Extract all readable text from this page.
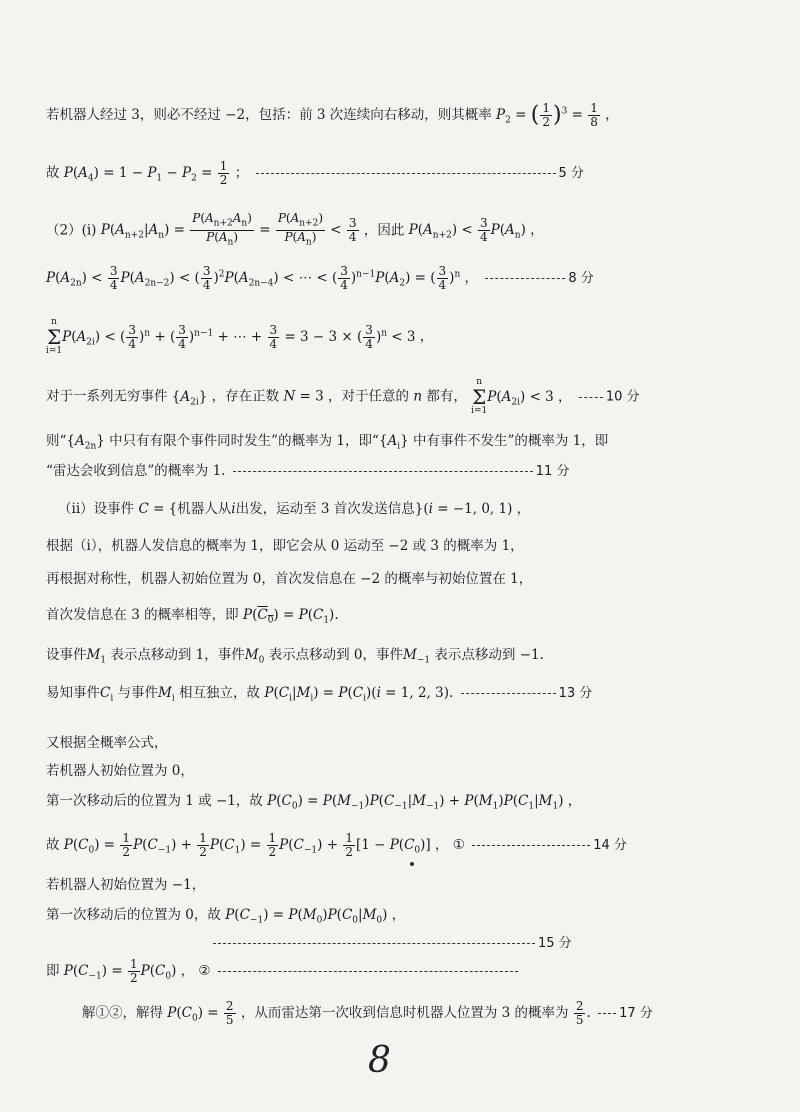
若机器人经过 3，则必不经过 −2，包括：前 3 次连续向右移动，则其概率 $P_2$ = ( $\frac{1}{2} )^3 = \frac{1}{8}$ ，
故 $P(A_4) = 1 - P_1 - P_2 = \frac{1}{2}$ ；	5 分
（2）(i) $P(A_{n+2}|A_n) = \frac{P(A_{n+2}A_n)}{P(A_n)} = \frac{P(A_{n+2})}{P(A_n)} < \frac{3}{4}$ ，因此 $P(A_{n+2}) < \frac{3}{4} P(A_n)$ ，
$P(A_{2n}) < \frac{3}{4} P(A_{2n-2})$ < ( $\frac{3}{4} )^2P(A_{2n-4})$ < ⋯ < ( $\frac{3}{4} )^{n-1}P(A_2)$ = ( $\frac{3}{4} )^n$ ，	8 分
n
Σ
$i=1P(A_{2i})$ < ( $\frac{3}{4} )^n$ + ( $\frac{3}{4} )^{n-1}$ + ⋯ + $\frac{3}{4} = 3 - 3$ × ( $\frac{3}{4} )^n < 3$ ，
对于一系列无穷事件 $\{A_{2i}\}$ ，存在正数 N = 3 ，对于任意的 n 都有， n
Σ
$i=1P(A_{2i}) < 3$ ，	10 分
则“$\{A_{2n}\}$ 中只有有限个事件同时发生”的概率为 1，即“$\{A_i\}$ 中有事件不发生”的概率为 1，即
“雷达会收到信息”的概率为 1.	11 分
（ii）设事件 C = {机器人从i出发，运动至 3 首次发送信息}(i = −1, 0, 1) ，
根据（i），机器人发信息的概率为 1，即它会从 0 运动至 −2 或 3 的概率为 1，
再根据对称性，机器人初始位置为 0，首次发信息在 −2 的概率与初始位置在 1，
首次发信息在 3 的概率相等，即 $P(C_0) = P(C_1)$.
设事件$M_1$ 表示点移动到 1，事件$M_0$ 表示点移动到 0，事件$M_{-1}$ 表示点移动到 −1.
易知事件$C_i$ 与事件$M_i$ 相互独立，故 $P(C_i|M_i) = P(C_i)(i = 1$, 2, 3).	13 分
又根据全概率公式，
若机器人初始位置为 0，
第一次移动后的位置为 1 或 −1，故 $P(C_0) = P(M_{-1})P(C_{-1}|M_{-1}) + P(M_1)P(C_1|M_1)$ ，
故 $P(C_0) = \frac{1}{2} P(C_{-1}) + \frac{1}{2} P(C_1) = \frac{1}{2} P(C_{-1}) + \frac{1}{2} [1 - P(C_0)]$ ， ①	14 分
若机器人初始位置为 −1，
第一次移动后的位置为 0，故 $P(C_{-1}) = P(M_0)P(C_0|M_0)$ ，
15 分
即 $P(C_{-1}) = \frac{1}{2} P(C_0)$ ， ②
解①②，解得 $P(C_0) = \frac{2}{5}$ ，从而雷达第一次收到信息时机器人位置为 3 的概率为 $\frac{2}{5}$ . 17 分
8
